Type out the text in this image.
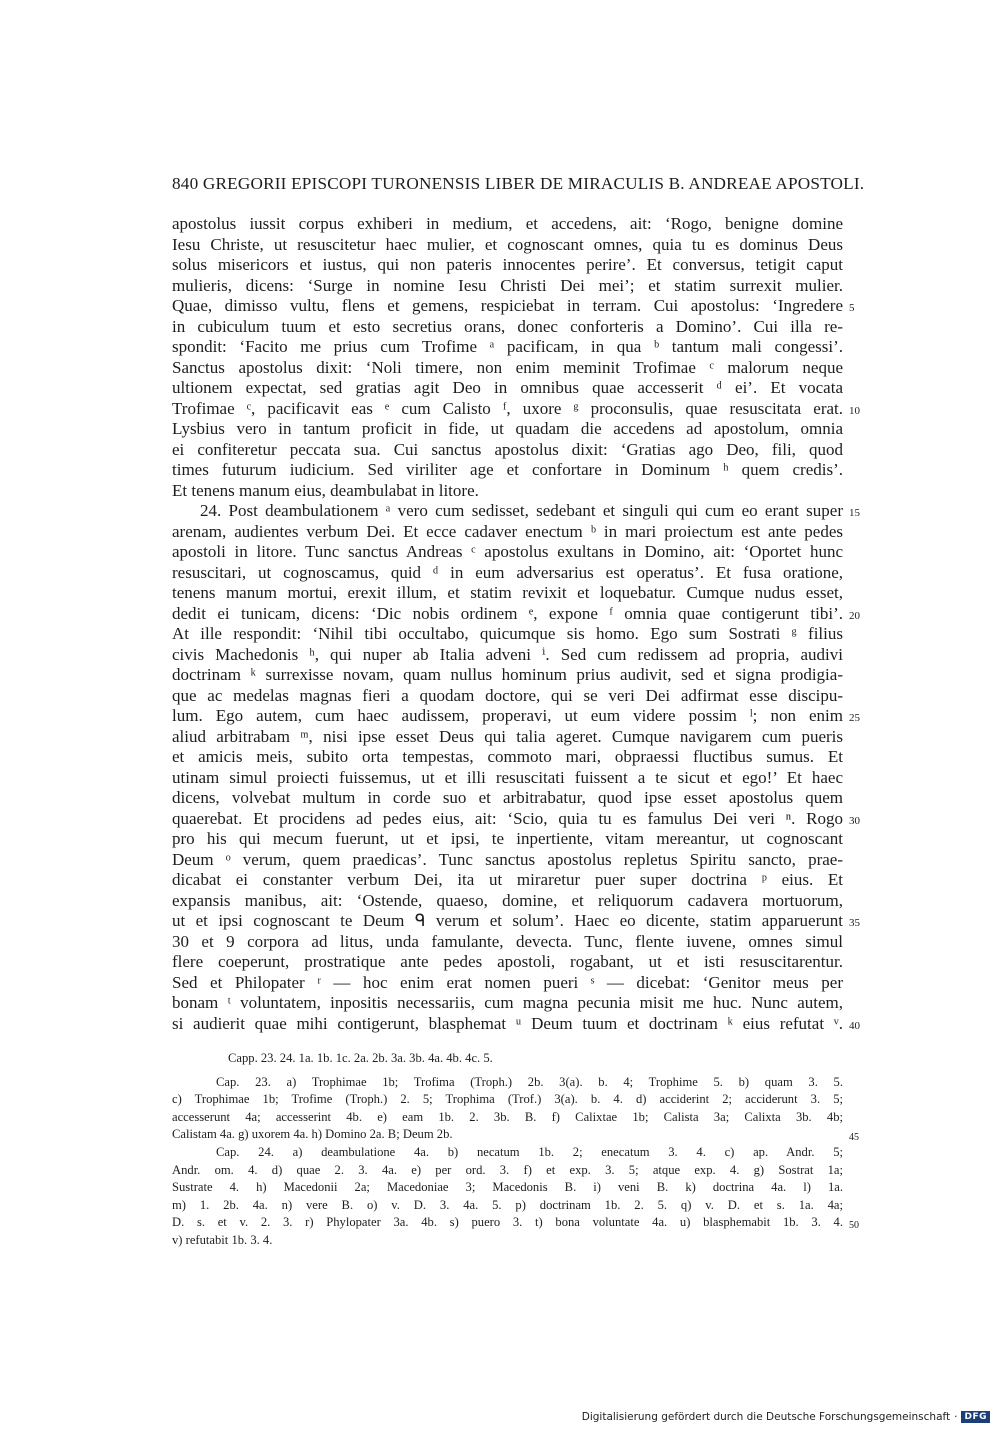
840 GREGORII EPISCOPI TURONENSIS LIBER DE MIRACULIS B. ANDREAE APOSTOLI.
apostolus iussit corpus exhiberi in medium, et accedens, ait: ‘Rogo, benigne domine
Iesu Christe, ut resuscitetur haec mulier, et cognoscant omnes, quia tu es dominus Deus
solus misericors et iustus, qui non pateris innocentes perire’. Et conversus, tetigit caput
mulieris, dicens: ‘Surge in nomine Iesu Christi Dei mei’; et statim surrexit mulier.
Quae, dimisso vultu, flens et gemens, respiciebat in terram. Cui apostolus: ‘Ingredere 5
in cubiculum tuum et esto secretius orans, donec conforteris a Domino’. Cui illa re-
spondit: ‘Facito me prius cum Trofime ᵃ pacificam, in qua ᵇ tantum mali congessi’.
Sanctus apostolus dixit: ‘Noli timere, non enim meminit Trofimae ᶜ malorum neque
ultionem expectat, sed gratias agit Deo in omnibus quae accesserit ᵈ ei’. Et vocata
Trofimae ᶜ, pacificavit eas ᵉ cum Calisto ᶠ, uxore ᵍ proconsulis, quae resuscitata erat. 10
Lysbius vero in tantum proficit in fide, ut quadam die accedens ad apostolum, omnia
ei confiteretur peccata sua. Cui sanctus apostolus dixit: ‘Gratias ago Deo, fili, quod
times futurum iudicium. Sed viriliter age et confortare in Dominum ʰ quem credis’.
Et tenens manum eius, deambulabat in litore.
24. Post deambulationem ᵃ vero cum sedisset, sedebant et singuli qui cum eo erant super 15
arenam, audientes verbum Dei. Et ecce cadaver enectum ᵇ in mari proiectum est ante pedes
apostoli in litore. Tunc sanctus Andreas ᶜ apostolus exultans in Domino, ait: ‘Oportet hunc
resuscitari, ut cognoscamus, quid ᵈ in eum adversarius est operatus’. Et fusa oratione,
tenens manum mortui, erexit illum, et statim revixit et loquebatur. Cumque nudus esset,
dedit ei tunicam, dicens: ‘Dic nobis ordinem ᵉ, expone ᶠ omnia quae contigerunt tibi’. 20
At ille respondit: ‘Nihil tibi occultabo, quicumque sis homo. Ego sum Sostrati ᵍ filius
civis Machedonis ʰ, qui nuper ab Italia adveni ⁱ. Sed cum redissem ad propria, audivi
doctrinam ᵏ surrexisse novam, quam nullus hominum prius audivit, sed et signa prodigia-
que ac medelas magnas fieri a quodam doctore, qui se veri Dei adfirmat esse discipu-
lum. Ego autem, cum haec audissem, properavi, ut eum videre possim ˡ; non enim 25
aliud arbitrabam ᵐ, nisi ipse esset Deus qui talia ageret. Cumque navigarem cum pueris
et amicis meis, subito orta tempestas, commoto mari, obpraessi fluctibus sumus. Et
utinam simul proiecti fuissemus, ut et illi resuscitati fuissent a te sicut et ego!’ Et haec
dicens, volvebat multum in corde suo et arbitrabatur, quod ipse esset apostolus quem
quaerebat. Et procidens ad pedes eius, ait: ‘Scio, quia tu es famulus Dei veri ⁿ. Rogo 30
pro his qui mecum fuerunt, ut et ipsi, te inpertiente, vitam mereantur, ut cognoscant
Deum ᵒ verum, quem praedicas’. Tunc sanctus apostolus repletus Spiritu sancto, prae-
dicabat ei constanter verbum Dei, ita ut miraretur puer super doctrina ᵖ eius. Et
expansis manibus, ait: ‘Ostende, quaeso, domine, et reliquorum cadavera mortuorum,
ut et ipsi cognoscant te Deum ᑫ verum et solum’. Haec eo dicente, statim apparuerunt 35
30 et 9 corpora ad litus, unda famulante, devecta. Tunc, flente iuvene, omnes simul
flere coeperunt, prostratique ante pedes apostoli, rogabant, ut et isti resuscitarentur.
Sed et Philopater ʳ — hoc enim erat nomen pueri ˢ — dicebat: ‘Genitor meus per
bonam ᵗ voluntatem, inpositis necessariis, cum magna pecunia misit me huc. Nunc autem,
si audierit quae mihi contigerunt, blasphemat ᵘ Deum tuum et doctrinam ᵏ eius refutat ᵛ. 40
Capp. 23. 24. 1a. 1b. 1c. 2a. 2b. 3a. 3b. 4a. 4b. 4c. 5.
Cap. 23. a) Trophimae 1b; Trofima (Troph.) 2b. 3(a). b. 4; Trophime 5. b) quam 3. 5.
c) Trophimae 1b; Trofime (Troph.) 2. 5; Trophima (Trof.) 3(a). b. 4. d) acciderint 2; acciderunt 3. 5;
accesserunt 4a; accesserint 4b. e) eam 1b. 2. 3b. B. f) Calixtae 1b; Calista 3a; Calixta 3b. 4b;
Calistam 4a. g) uxorem 4a. h) Domino 2a. B; Deum 2b.	45
Cap. 24. a) deambulatione 4a. b) necatum 1b. 2; enecatum 3. 4. c) ap. Andr. 5;
Andr. om. 4. d) quae 2. 3. 4a. e) per ord. 3. f) et exp. 3. 5; atque exp. 4. g) Sostrat 1a;
Sustrate 4. h) Macedonii 2a; Macedoniae 3; Macedonis B. i) veni B. k) doctrina 4a. l) 1a.
m) 1. 2b. 4a. n) vere B. o) v. D. 3. 4a. 5. p) doctrinam 1b. 2. 5. q) v. D. et s. 1a. 4a;
D. s. et v. 2. 3. r) Phylopater 3a. 4b. s) puero 3. t) bona voluntate 4a. u) blasphemabit 1b. 3. 4. 50
v) refutabit 1b. 3. 4.
Digitalisierung gefördert durch die Deutsche Forschungsgemeinschaft · DFG
